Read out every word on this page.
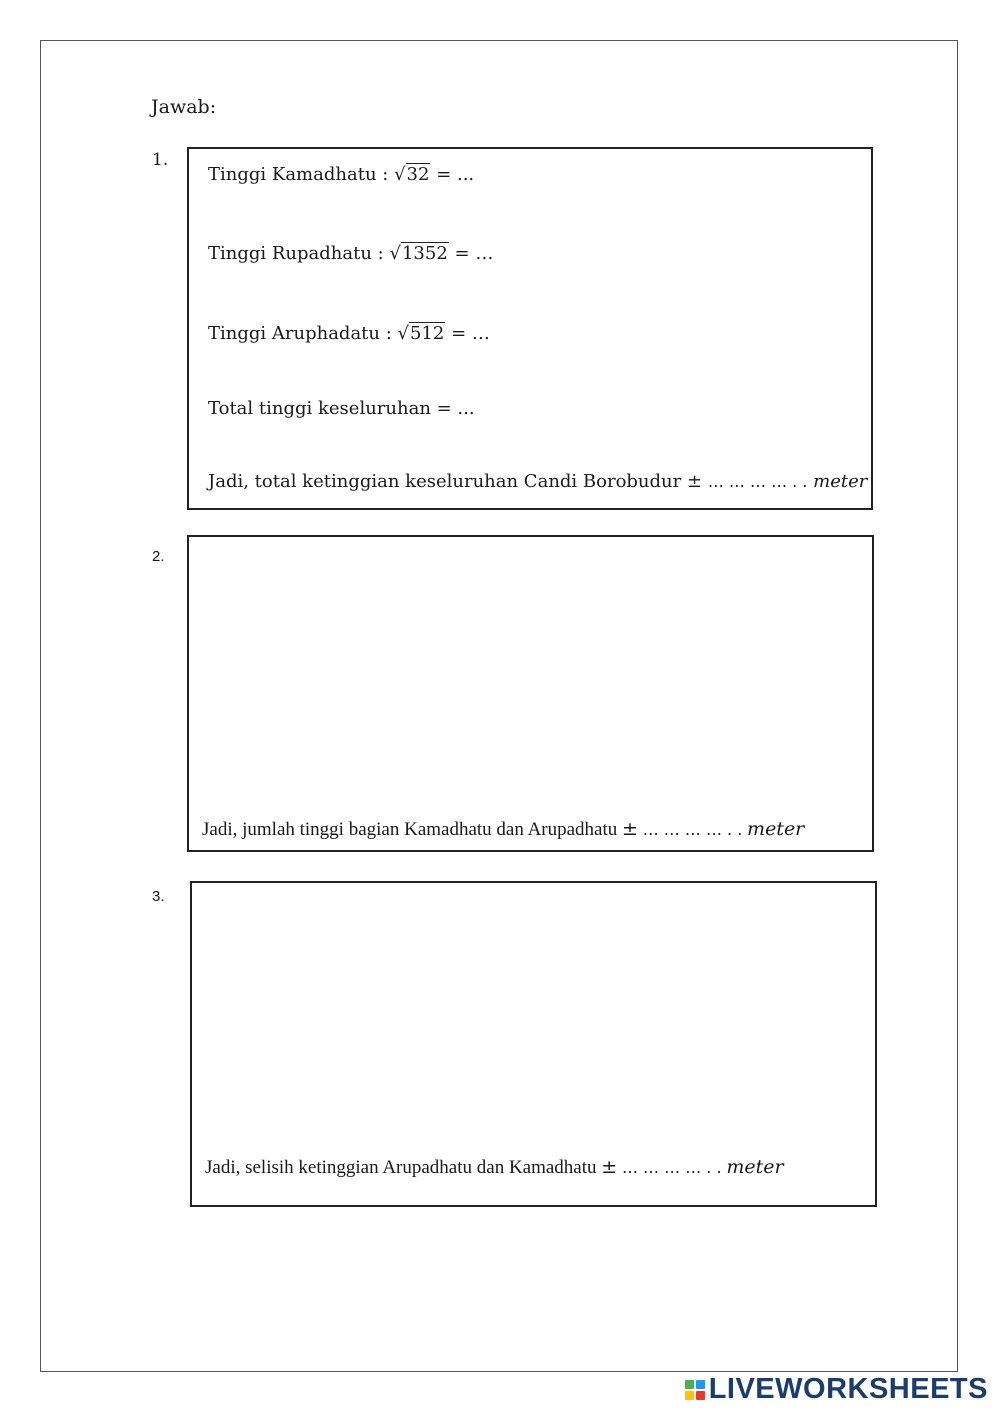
Jawab:
1.
Tinggi Kamadhatu : √32 = ...
Tinggi Rupadhatu : √1352 = …
Tinggi Aruphadatu : √512 = …
Total tinggi keseluruhan = ...
Jadi, total ketinggian keseluruhan Candi Borobudur ± … … … … . . meter
2.
Jadi, jumlah tinggi bagian Kamadhatu dan Arupadhatu ± … … … … . . meter
3.
Jadi, selisih ketinggian Arupadhatu dan Kamadhatu ± … … … … . . meter
LIVEWORKSHEETS
